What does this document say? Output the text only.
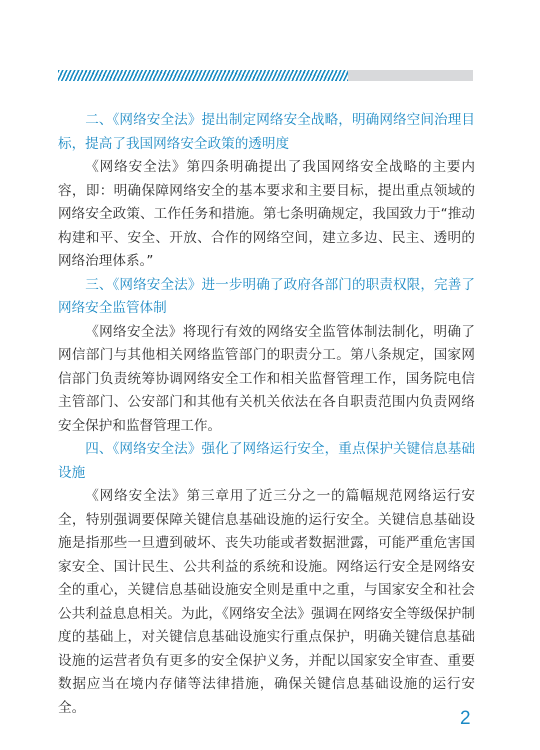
二、《网络安全法》提出制定网络安全战略，明确网络空间治理目标，提高了我国网络安全政策的透明度

《网络安全法》第四条明确提出了我国网络安全战略的主要内容，即：明确保障网络安全的基本要求和主要目标，提出重点领域的网络安全政策、工作任务和措施。第七条明确规定，我国致力于“推动构建和平、安全、开放、合作的网络空间，建立多边、民主、透明的网络治理体系。”

三、《网络安全法》进一步明确了政府各部门的职责权限，完善了网络安全监管体制

《网络安全法》将现行有效的网络安全监管体制法制化，明确了网信部门与其他相关网络监管部门的职责分工。第八条规定，国家网信部门负责统筹协调网络安全工作和相关监督管理工作，国务院电信主管部门、公安部门和其他有关机关依法在各自职责范围内负责网络安全保护和监督管理工作。

四、《网络安全法》强化了网络运行安全，重点保护关键信息基础设施

《网络安全法》第三章用了近三分之一的篇幅规范网络运行安全，特别强调要保障关键信息基础设施的运行安全。关键信息基础设施是指那些一旦遭到破坏、丧失功能或者数据泄露，可能严重危害国家安全、国计民生、公共利益的系统和设施。网络运行安全是网络安全的重心，关键信息基础设施安全则是重中之重，与国家安全和社会公共利益息息相关。为此，《网络安全法》强调在网络安全等级保护制度的基础上，对关键信息基础设施实行重点保护，明确关键信息基础设施的运营者负有更多的安全保护义务，并配以国家安全审查、重要数据应当在境内存储等法律措施，确保关键信息基础设施的运行安全。

2
